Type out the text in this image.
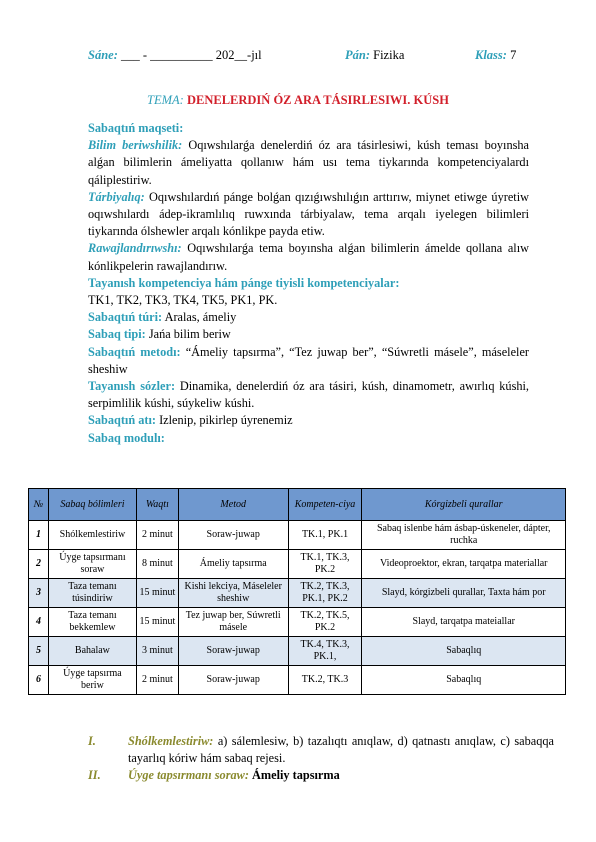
Sáne: ___ - __________ 202__-jıl	Pán: Fizika	Klass: 7
TEMA: DENELERDIŃ ÓZ ARA TÁSIRLESIWI. KÚSH

Sabaqtıń maqseti:

Bilim beriwshilik: Oqıwshılarǵa denelerdiń óz ara tásirlesiwi, kúsh teması boyınsha alǵan bilimlerin ámeliyatta qollanıw hám usı tema tiykarında kompetenciyalardı qáliplestiriw.

Tárbiyalıq: Oqıwshılardıń pánge bolǵan qızıǵıwshılıǵın arttırıw, miynet etiwge úyretiw oqıwshılardı ádep-ikramlılıq ruwxında tárbiyalaw, tema arqalı iyelegen bilimleri tiykarında ólshewler arqalı kónlikpe payda etiw.

Rawajlandırıwshı: Oqıwshılarǵa tema boyınsha alǵan bilimlerin ámelde qollana alıw kónlikpelerin rawajlandırıw.

Tayanısh kompetenciya hám pánge tiyisli kompetenciyalar:

TK1, TK2, TK3, TK4, TK5, PK1, PK.

Sabaqtıń túri: Aralas, ámeliy

Sabaq tipi: Jańa bilim beriw

Sabaqtıń metodı: “Ámeliy tapsırma”, “Tez juwap ber”, “Súwretli másele”, máseleler sheshiw

Tayanısh sózler: Dinamika, denelerdiń óz ara tásiri, kúsh, dinamometr, awırlıq kúshi, serpimlilik kúshi, súykeliw kúshi.

Sabaqtıń atı: Izlenip, pikirlep úyrenemiz

Sabaq modulı:

№	Sabaq bólimleri	Waqtı	Metod	Kompeten-ciya	Kórgizbeli qurallar
1	Shólkemlestiriw	2 minut	Soraw-juwap	TK.1, PK.1	Sabaq islenbe hám ásbap-úskeneler, dápter, ruchka
2	Úyge tapsırmanı soraw	8 minut	Ámeliy tapsırma	TK.1, TK.3, PK.2	Videoproektor, ekran, tarqatpa materiallar
3	Taza temanı túsindiriw	15 minut	Kishi lekciya, Máseleler sheshiw	TK.2, TK.3, PK.1, PK.2	Slayd, kórgizbeli qurallar, Taxta hám por
4	Taza temanı bekkemlew	15 minut	Tez juwap ber, Súwretli másele	TK.2, TK.5, PK.2	Slayd, tarqatpa mateiallar
5	Bahalaw	3 minut	Soraw-juwap	TK.4, TK.3, PK.1,	Sabaqlıq
6	Úyge tapsırma beriw	2 minut	Soraw-juwap	TK.2, TK.3	Sabaqlıq
I.	Shólkemlestiriw: a) sálemlesiw, b) tazalıqtı anıqlaw, d) qatnastı anıqlaw, c) sabaqqa tayarlıq kóriw hám sabaq rejesi.
II.	Úyge tapsırmanı soraw: Ámeliy tapsırma
